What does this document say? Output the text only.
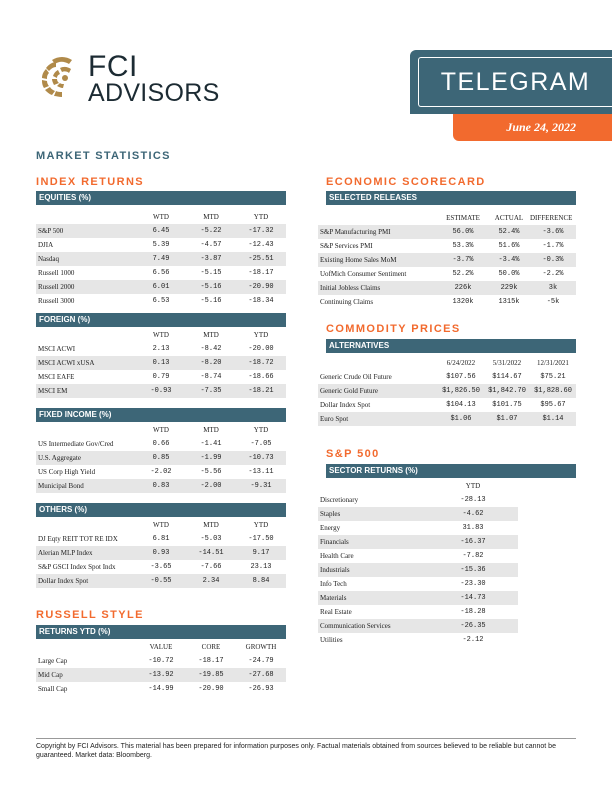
FCI
ADVISORS	TELEGRAM
June 24, 2022
MARKET STATISTICS
INDEX RETURNS
EQUITIES (%)
	WTD	MTD	YTD
S&P 500	6.45	-5.22	-17.32
DJIA	5.39	-4.57	-12.43
Nasdaq	7.49	-3.87	-25.51
Russell 1000	6.56	-5.15	-18.17
Russell 2000	6.01	-5.16	-20.90
Russell 3000	6.53	-5.16	-18.34
FOREIGN (%)
	WTD	MTD	YTD
MSCI ACWI	2.13	-8.42	-20.00
MSCI ACWI xUSA	0.13	-8.20	-18.72
MSCI EAFE	0.79	-8.74	-18.66
MSCI EM	-0.93	-7.35	-18.21
FIXED INCOME (%)
	WTD	MTD	YTD
US Intermediate Gov/Cred	0.66	-1.41	-7.05
U.S. Aggregate	0.85	-1.99	-10.73
US Corp High Yield	-2.02	-5.56	-13.11
Municipal Bond	0.83	-2.00	-9.31
OTHERS (%)
	WTD	MTD	YTD
DJ Eqty REIT TOT RE IDX	6.81	-5.03	-17.50
Alerian MLP Index	0.93	-14.51	9.17
S&P GSCI Index Spot Indx	-3.65	-7.66	23.13
Dollar Index Spot	-0.55	2.34	8.84
RUSSELL STYLE
RETURNS YTD (%)
	VALUE	CORE	GROWTH
Large Cap	-10.72	-18.17	-24.79
Mid Cap	-13.92	-19.85	-27.68
Small Cap	-14.99	-20.90	-26.93
ECONOMIC SCORECARD
SELECTED RELEASES
	ESTIMATE	ACTUAL	DIFFERENCE
S&P Manufacturing PMI	56.0%	52.4%	-3.6%
S&P Services PMI	53.3%	51.6%	-1.7%
Existing Home Sales MoM	-3.7%	-3.4%	-0.3%
UofMich Consumer Sentiment	52.2%	50.0%	-2.2%
Initial Jobless Claims	226k	229k	3k
Continuing Claims	1320k	1315k	-5k
COMMODITY PRICES
ALTERNATIVES
	6/24/2022	5/31/2022	12/31/2021
Generic Crude Oil Future	$107.56	$114.67	$75.21
Generic Gold Future	$1,826.50	$1,842.70	$1,828.60
Dollar Index Spot	$104.13	$101.75	$95.67
Euro Spot	$1.06	$1.07	$1.14
S&P 500
SECTOR RETURNS (%)
	YTD
Discretionary	-28.13
Staples	-4.62
Energy	31.83
Financials	-16.37
Health Care	-7.82
Industrials	-15.36
Info Tech	-23.30
Materials	-14.73
Real Estate	-18.28
Communication Services	-26.35
Utilities	-2.12
Copyright by FCI Advisors. This material has been prepared for information purposes only. Factual materials obtained from sources believed to be reliable but cannot be guaranteed. Market data: Bloomberg.
